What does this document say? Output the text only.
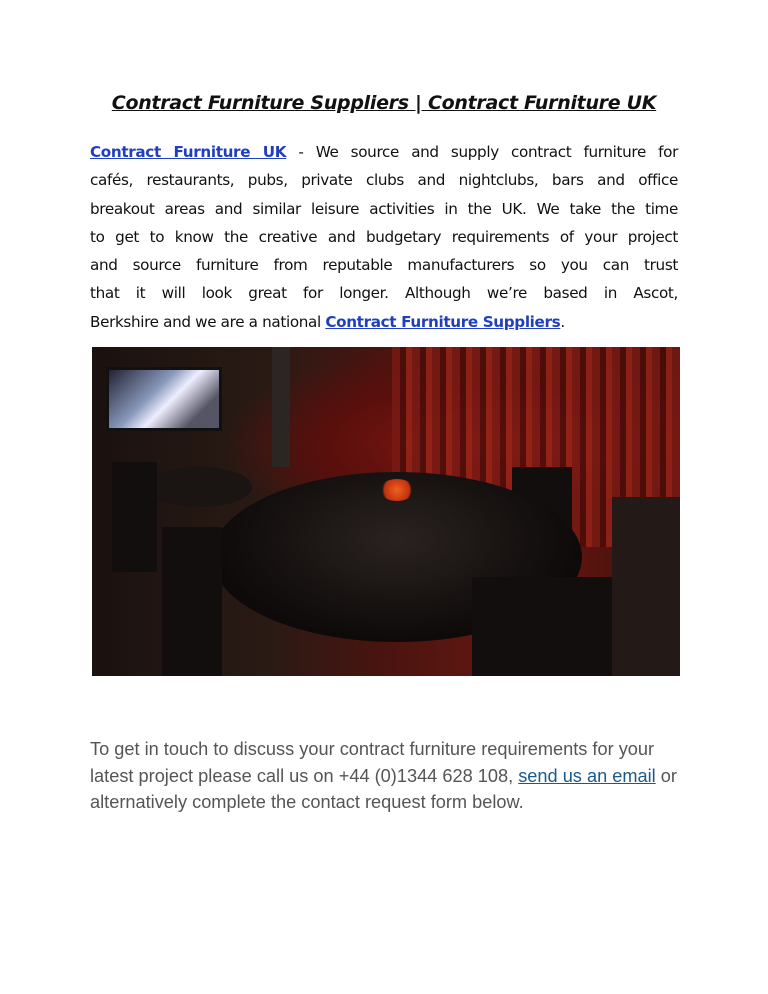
Contract Furniture Suppliers | Contract Furniture UK
Contract Furniture UK - We source and supply contract furniture for
cafés, restaurants, pubs, private clubs and nightclubs, bars and office
breakout areas and similar leisure activities in the UK. We take the time
to get to know the creative and budgetary requirements of your project
and source furniture from reputable manufacturers so you can trust
that it will look great for longer. Although we’re based in Ascot,
Berkshire and we are a national Contract Furniture Suppliers.
To get in touch to discuss your contract furniture requirements for your latest project please call us on +44 (0)1344 628 108, send us an email or alternatively complete the contact request form below.
